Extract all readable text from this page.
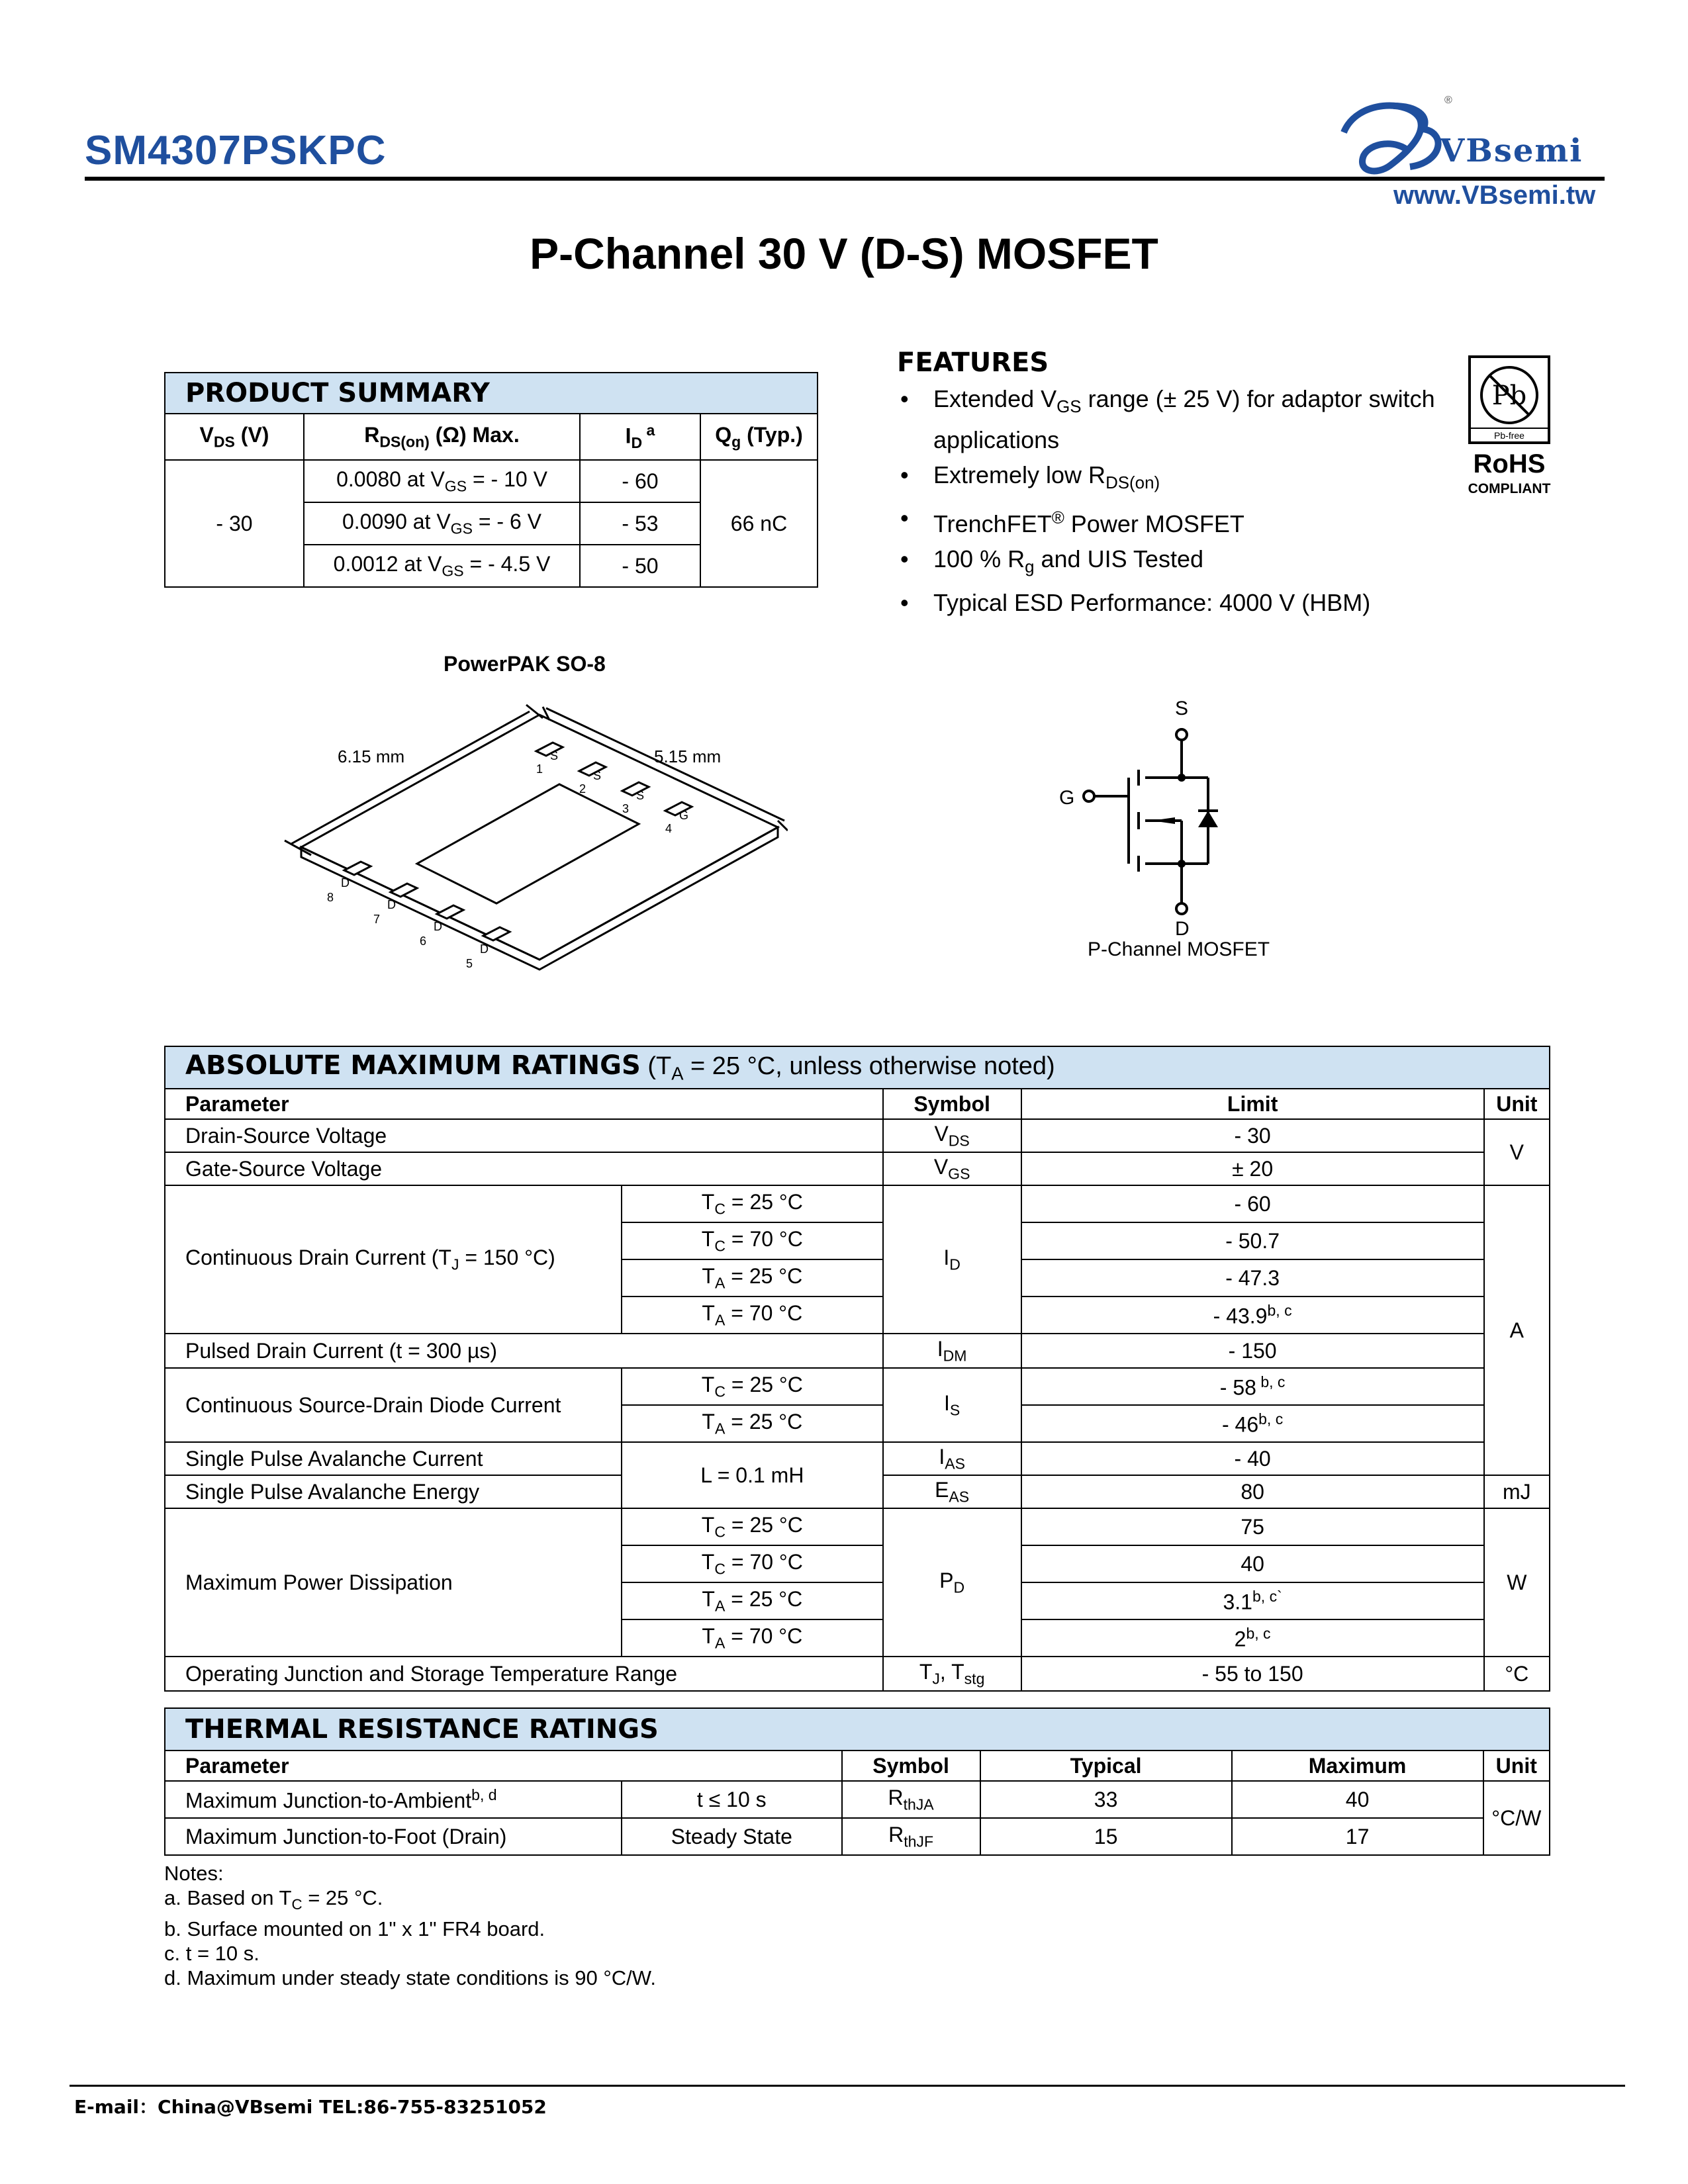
SM4307PSKPC
®
VBsemi
www.VBsemi.tw
P-Channel 30 V (D-S) MOSFET
PRODUCT SUMMARY			
$V_{DS}$ (V)	$R_{DS(on)}$ (Ω) Max.	$I_D$ $^a$	$Q_g$ (Typ.)
- 30	0.0080 at $V_{GS}$ = - 10 V	- 60	66 nC
	0.0090 at $V_{GS}$ = - 6 V	- 53	
	0.0012 at $V_{GS}$ = - 4.5 V	- 50	
FEATURES
• Extended $V_{GS}$ range (± 25 V) for adaptor switch applications
• Extremely low $R_{DS(on)}$
• TrenchFET® Power MOSFET
• 100 % $R_g$ and UIS Tested
• Typical ESD Performance: 4000 V (HBM)
Pb
Pb-free
RoHS
COMPLIANT
PowerPAK SO-8
6.15 mm	5.15 mm
S
1	S
2	S
3	G
4
D
8
D
7
D
6
D
5
S
G
D
P-Channel MOSFET
ABSOLUTE MAXIMUM RATINGS ($T_A = 25$ °C, unless otherwise noted)				
Parameter		Symbol	Limit	Unit
Drain-Source Voltage		$V_{DS}$	- 30	V
Gate-Source Voltage		$V_{GS}$	± 20	
Continuous Drain Current ($T_J = 150$ °C)	$T_C = 25$ °C	$I_D$	- 60	A
	$T_C = 70$ °C		- 50.7	
	$T_A = 25$ °C		- 47.3	
	$T_A = 70$ °C		- 43.9$^{b, c}$
Pulsed Drain Current (t = 300 µs)		$I_{DM}$	- 150	
Continuous Source-Drain Diode Current	$T_C = 25$ °C	$I_S$	- 58 $^{b, c}$
	$T_A = 25$ °C		- 46$^{b, c}$
Single Pulse Avalanche Current	L = 0.1 mH	$I_{AS}$	- 40	
Single Pulse Avalanche Energy		$E_{AS}$	80	mJ
Maximum Power Dissipation	$T_C = 25$ °C	$P_D$	75	W
	$T_C = 70$ °C		40	
	$T_A = 25$ °C		$3.1^{b, c`}$
	$T_A = 70$ °C		2$^{b, c}$
Operating Junction and Storage Temperature Range		$T_J$, $T_{stg}$	- 55 to 150	°C
THERMAL RESISTANCE RATINGS					
Parameter		Symbol	Typical	Maximum	Unit
Maximum Junction-to-Ambient$^{b, d}$	t ≤ 10 s	$R_{thJA}$	33	40	°C/W
Maximum Junction-to-Foot (Drain)	Steady State	$R_{thJF}$	15	17	
Notes:
a. Based on $T_C = 25$ °C.
b. Surface mounted on 1" x 1" FR4 board.
c. t = 10 s.
d. Maximum under steady state conditions is 90 °C/W.
E-mail：China@VBsemi TEL:86-755-83251052
